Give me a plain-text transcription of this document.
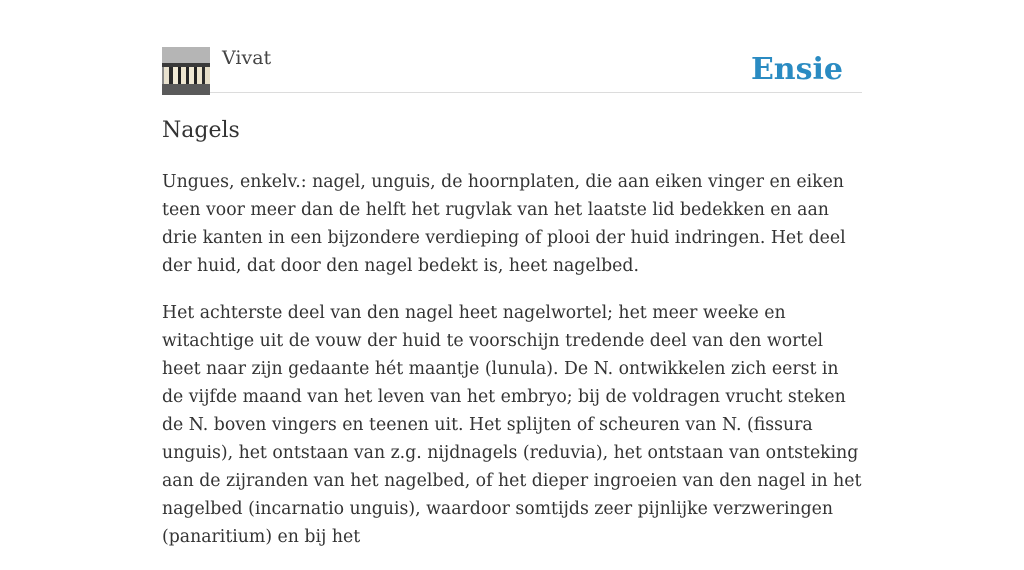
Vivat	Ensie
Nagels

Ungues, enkelv.: nagel, unguis, de hoornplaten, die aan eiken vinger en eiken teen voor meer dan de helft het rugvlak van het laatste lid bedekken en aan drie kanten in een bijzondere verdieping of plooi der huid indringen. Het deel der huid, dat door den nagel bedekt is, heet nagelbed.

Het achterste deel van den nagel heet nagelwortel; het meer weeke en witachtige uit de vouw der huid te voorschijn tredende deel van den wortel heet naar zijn gedaante hét maantje (lunula). De N. ontwikkelen zich eerst in de vijfde maand van het leven van het embryo; bij de voldragen vrucht steken de N. boven vingers en teenen uit. Het splijten of scheuren van N. (fissura unguis), het ontstaan van z.g. nijdnagels (reduvia), het ontstaan van ontsteking aan de zijranden van het nagelbed, of het dieper ingroeien van den nagel in het nagelbed (incarnatio unguis), waardoor somtijds zeer pijnlijke verzweringen (panaritium) en bij het
